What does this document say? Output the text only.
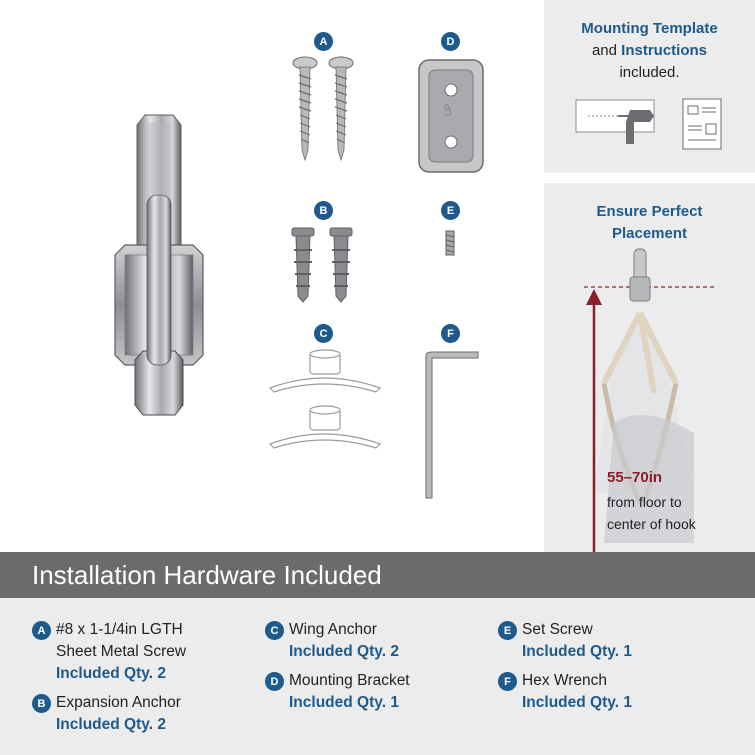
A	D
UP
B	E
C	F
Mounting Template
and Instructions
included.
Ensure Perfect
Placement
55–70in
from floor to
center of hook
Installation Hardware Included
A #8 x 1-1/4in LGTH
Sheet Metal Screw
Included Qty. 2
B Expansion Anchor
Included Qty. 2
C Wing Anchor
Included Qty. 2
D Mounting Bracket
Included Qty. 1
E Set Screw
Included Qty. 1
F Hex Wrench
Included Qty. 1
